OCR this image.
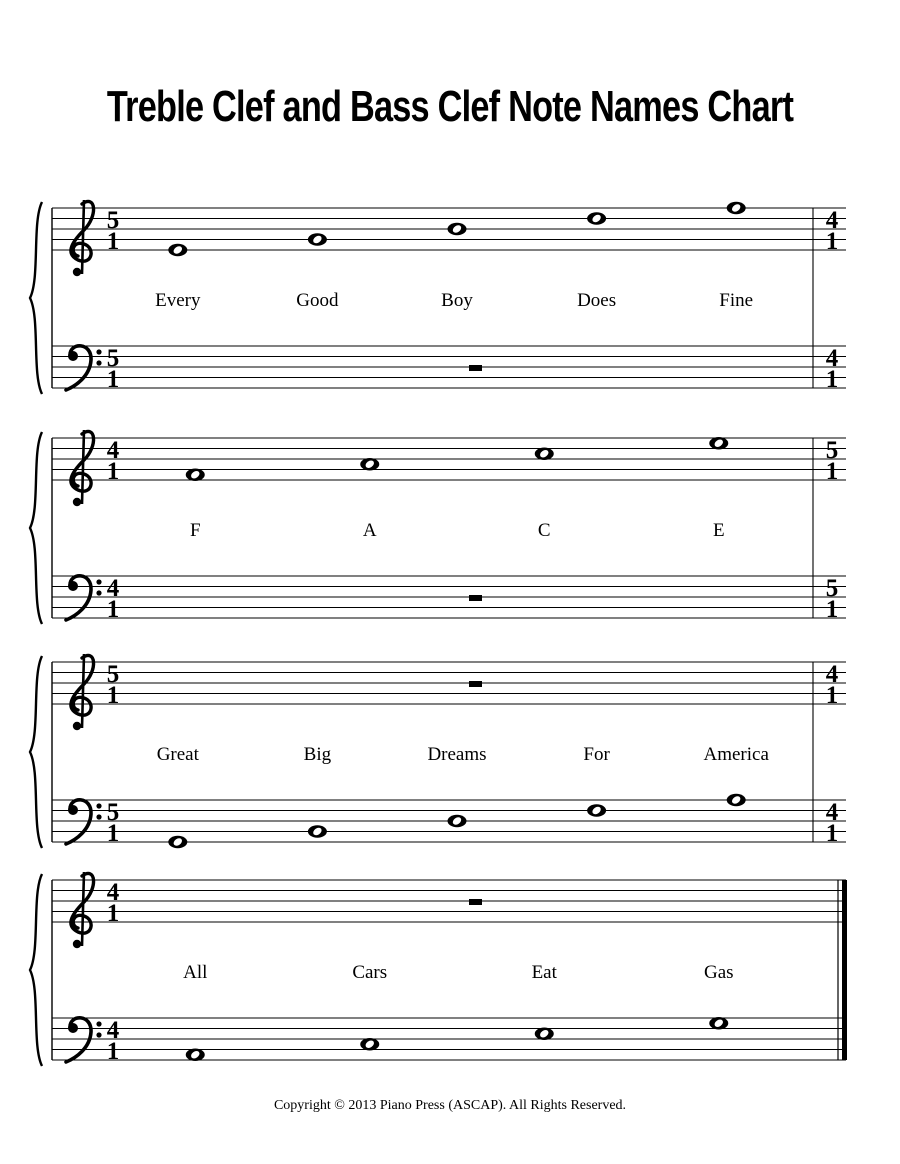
Treble Clef and Bass Clef Note Names Chart
5
1
5
1
4
1
4
1
Every	Good	Boy	Does	Fine
4
1
4
1
5
1
5
1
F	A	C	E
5
1
5
1
4
1
4
1
Great	Big	Dreams	For	America
4
1
4
1
All	Cars	Eat	Gas
Copyright © 2013 Piano Press (ASCAP). All Rights Reserved.
